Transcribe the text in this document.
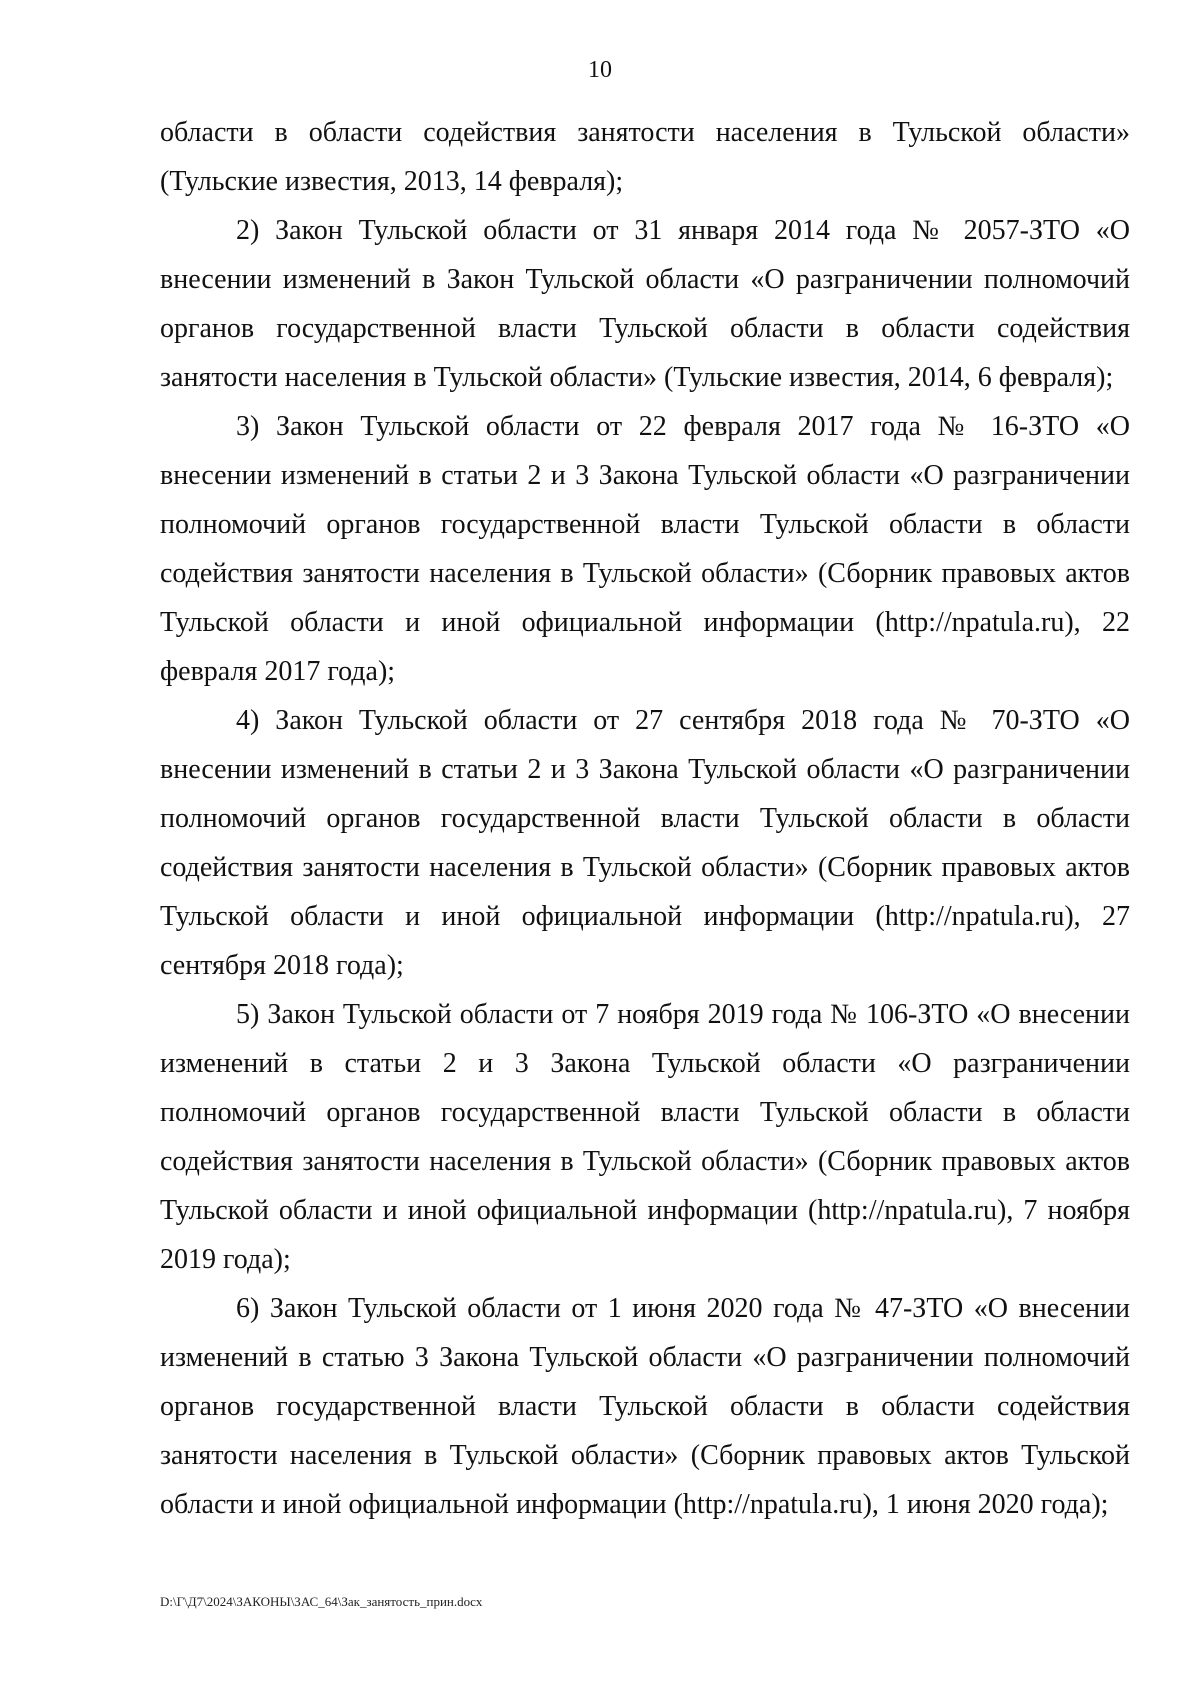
10

области в области содействия занятости населения в Тульской области» (Тульские известия, 2013, 14 февраля);

2) Закон Тульской области от 31 января 2014 года № 2057-ЗТО «О внесении изменений в Закон Тульской области «О разграничении полномочий органов государственной власти Тульской области в области содействия занятости населения в Тульской области» (Тульские известия, 2014, 6 февраля);

3) Закон Тульской области от 22 февраля 2017 года № 16-ЗТО «О внесении изменений в статьи 2 и 3 Закона Тульской области «О разграничении полномочий органов государственной власти Тульской области в области содействия занятости населения в Тульской области» (Сборник правовых актов Тульской области и иной официальной информации (http://npatula.ru), 22 февраля 2017 года);

4) Закон Тульской области от 27 сентября 2018 года № 70-ЗТО «О внесении изменений в статьи 2 и 3 Закона Тульской области «О разграничении полномочий органов государственной власти Тульской области в области содействия занятости населения в Тульской области» (Сборник правовых актов Тульской области и иной официальной информации (http://npatula.ru), 27 сентября 2018 года);

5) Закон Тульской области от 7 ноября 2019 года № 106-ЗТО «О внесении изменений в статьи 2 и 3 Закона Тульской области «О разграничении полномочий органов государственной власти Тульской области в области содействия занятости населения в Тульской области» (Сборник правовых актов Тульской области и иной официальной информации (http://npatula.ru), 7 ноября 2019 года);

6) Закон Тульской области от 1 июня 2020 года № 47-ЗТО «О внесении изменений в статью 3 Закона Тульской области «О разграничении полномочий органов государственной власти Тульской области в области содействия занятости населения в Тульской области» (Сборник правовых актов Тульской области и иной официальной информации (http://npatula.ru), 1 июня 2020 года);

D:\Г\Д7\2024\ЗАКОНЫ\ЗАС_64\Зак_занятость_прин.docx
